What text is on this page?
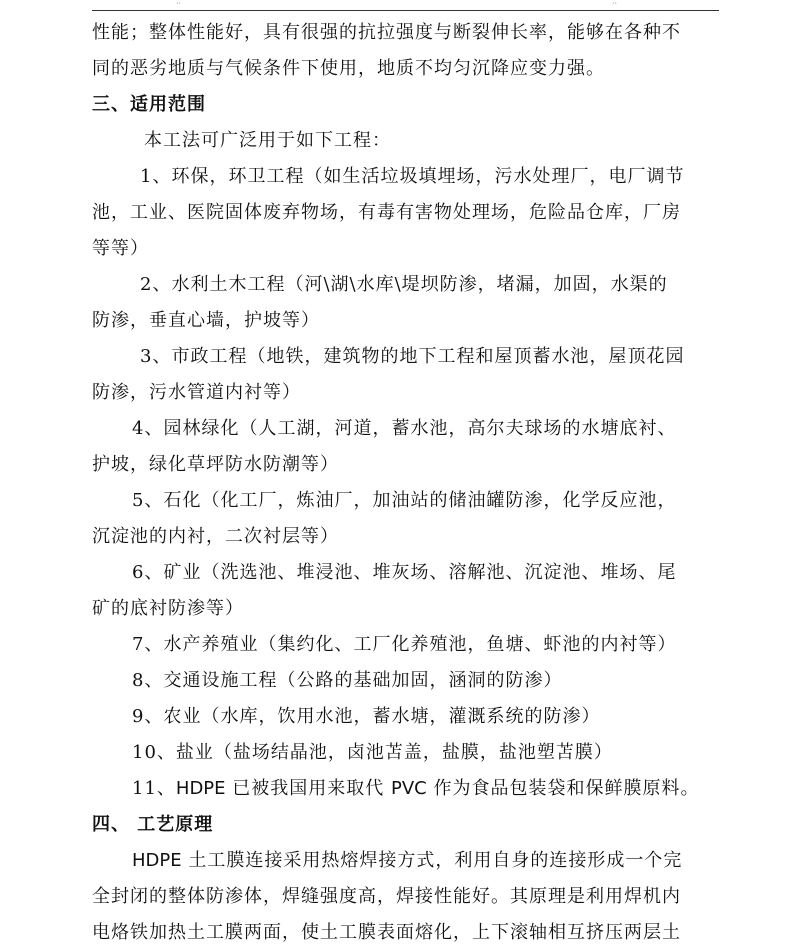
··	··
性能；整体性能好，具有很强的抗拉强度与断裂伸长率，能够在各种不
同的恶劣地质与气候条件下使用，地质不均匀沉降应变力强。
三、适用范围
本工法可广泛用于如下工程：
1、环保，环卫工程（如生活垃圾填埋场，污水处理厂，电厂调节
池，工业、医院固体废弃物场，有毒有害物处理场，危险品仓库，厂房
等等）
2、水利土木工程（河\湖\水库\堤坝防渗，堵漏，加固，水渠的
防渗，垂直心墙，护坡等）
3、市政工程（地铁，建筑物的地下工程和屋顶蓄水池，屋顶花园
防渗，污水管道内衬等）
4、园林绿化（人工湖，河道，蓄水池，高尔夫球场的水塘底衬、
护坡，绿化草坪防水防潮等）
5、石化（化工厂，炼油厂，加油站的储油罐防渗，化学反应池，
沉淀池的内衬，二次衬层等）
6、矿业（洗选池、堆浸池、堆灰场、溶解池、沉淀池、堆场、尾
矿的底衬防渗等）
7、水产养殖业（集约化、工厂化养殖池，鱼塘、虾池的内衬等）
8、交通设施工程（公路的基础加固，涵洞的防渗）
9、农业（水库，饮用水池，蓄水塘，灌溉系统的防渗）
10、盐业（盐场结晶池，卤池苫盖，盐膜，盐池塑苫膜）
11、HDPE 已被我国用来取代 PVC 作为食品包装袋和保鲜膜原料。
四、 工艺原理
HDPE 土工膜连接采用热熔焊接方式，利用自身的连接形成一个完
全封闭的整体防渗体，焊缝强度高，焊接性能好。其原理是利用焊机内
电烙铁加热土工膜两面，使土工膜表面熔化，上下滚轴相互挤压两层土
